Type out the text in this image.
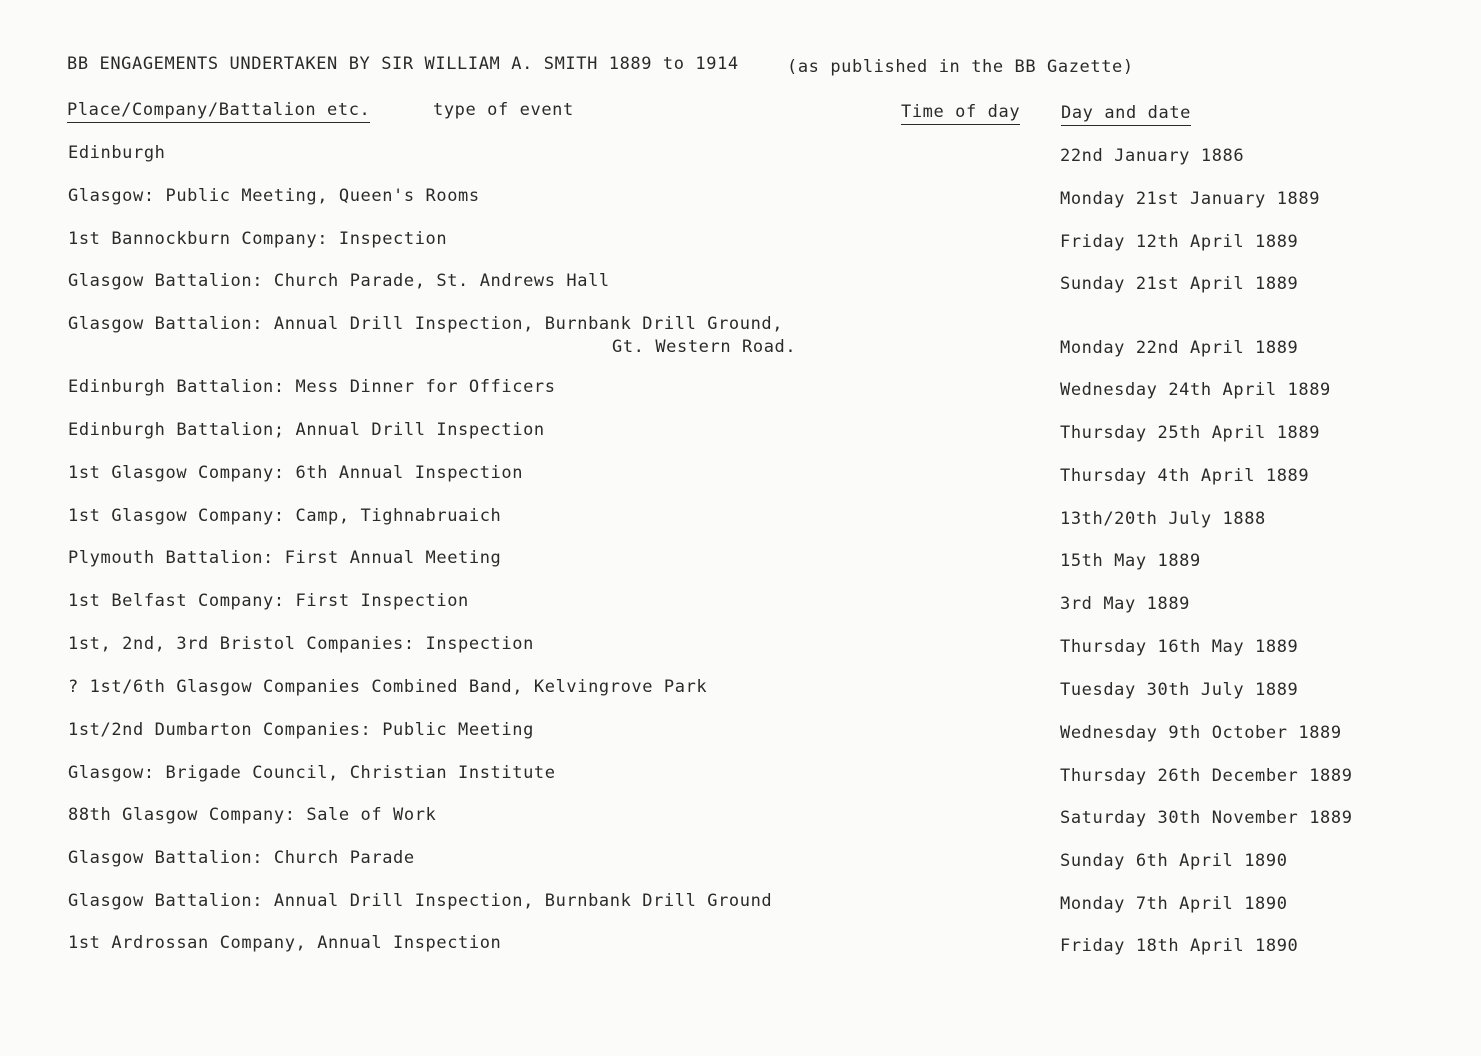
BB ENGAGEMENTS UNDERTAKEN BY SIR WILLIAM A. SMITH 1889 to 1914	(as published in the BB Gazette)
Place/Company/Battalion etc.	type of event	Time of day Day and date
Edinburgh	22nd January 1886
Glasgow: Public Meeting, Queen's Rooms	Monday 21st January 1889
1st Bannockburn Company: Inspection	Friday 12th April 1889
Glasgow Battalion: Church Parade, St. Andrews Hall	Sunday 21st April 1889
Glasgow Battalion: Annual Drill Inspection, Burnbank Drill Ground,
Gt. Western Road.	Monday 22nd April 1889
Edinburgh Battalion: Mess Dinner for Officers	Wednesday 24th April 1889
Edinburgh Battalion; Annual Drill Inspection	Thursday 25th April 1889
1st Glasgow Company: 6th Annual Inspection	Thursday 4th April 1889
1st Glasgow Company: Camp, Tighnabruaich	13th/20th July 1888
Plymouth Battalion: First Annual Meeting	15th May 1889
1st Belfast Company: First Inspection	3rd May 1889
1st, 2nd, 3rd Bristol Companies: Inspection	Thursday 16th May 1889
? 1st/6th Glasgow Companies Combined Band, Kelvingrove Park	Tuesday 30th July 1889
1st/2nd Dumbarton Companies: Public Meeting	Wednesday 9th October 1889
Glasgow: Brigade Council, Christian Institute	Thursday 26th December 1889
88th Glasgow Company: Sale of Work	Saturday 30th November 1889
Glasgow Battalion: Church Parade	Sunday 6th April 1890
Glasgow Battalion: Annual Drill Inspection, Burnbank Drill Ground	Monday 7th April 1890
1st Ardrossan Company, Annual Inspection	Friday 18th April 1890
